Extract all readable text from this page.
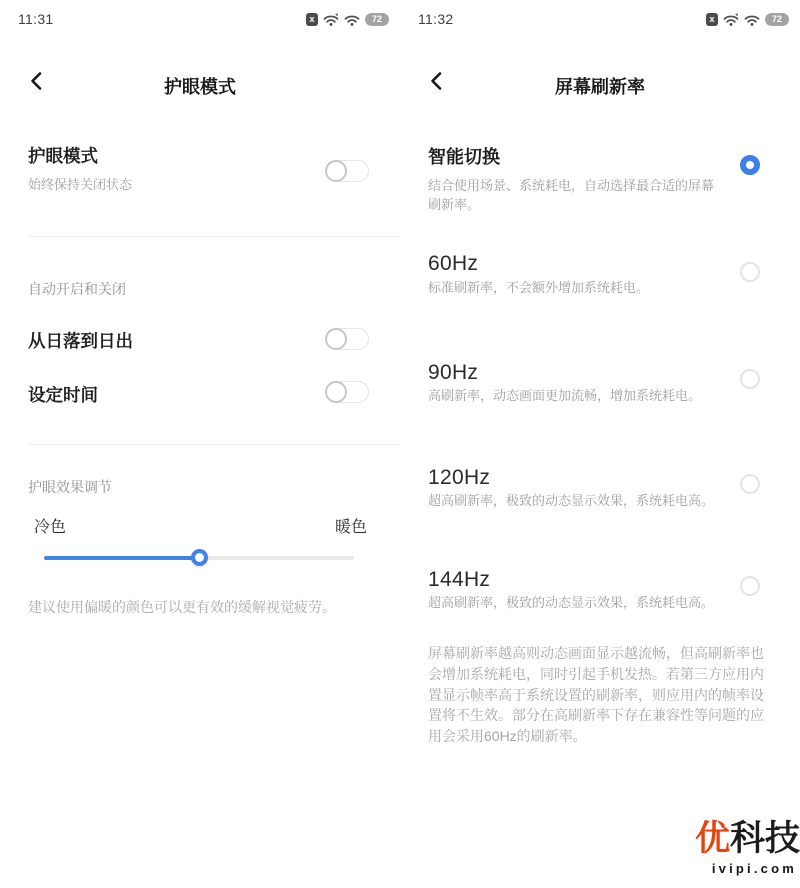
11:31	x	72
护眼模式
护眼模式
始终保持关闭状态
自动开启和关闭
从日落到日出
设定时间
护眼效果调节
冷色	暖色
建议使用偏暖的颜色可以更有效的缓解视觉疲劳。
11:32	x	72
屏幕刷新率
智能切换
结合使用场景、系统耗电，自动选择最合适的屏幕刷新率。
60Hz
标准刷新率，不会额外增加系统耗电。
90Hz
高刷新率，动态画面更加流畅，增加系统耗电。
120Hz
超高刷新率，极致的动态显示效果，系统耗电高。
144Hz
超高刷新率，极致的动态显示效果，系统耗电高。
屏幕刷新率越高则动态画面显示越流畅，但高刷新率也会增加系统耗电，同时引起手机发热。若第三方应用内置显示帧率高于系统设置的刷新率，则应用内的帧率设置将不生效。部分在高刷新率下存在兼容性等问题的应用会采用60Hz的刷新率。
优科技
ivipi.com
